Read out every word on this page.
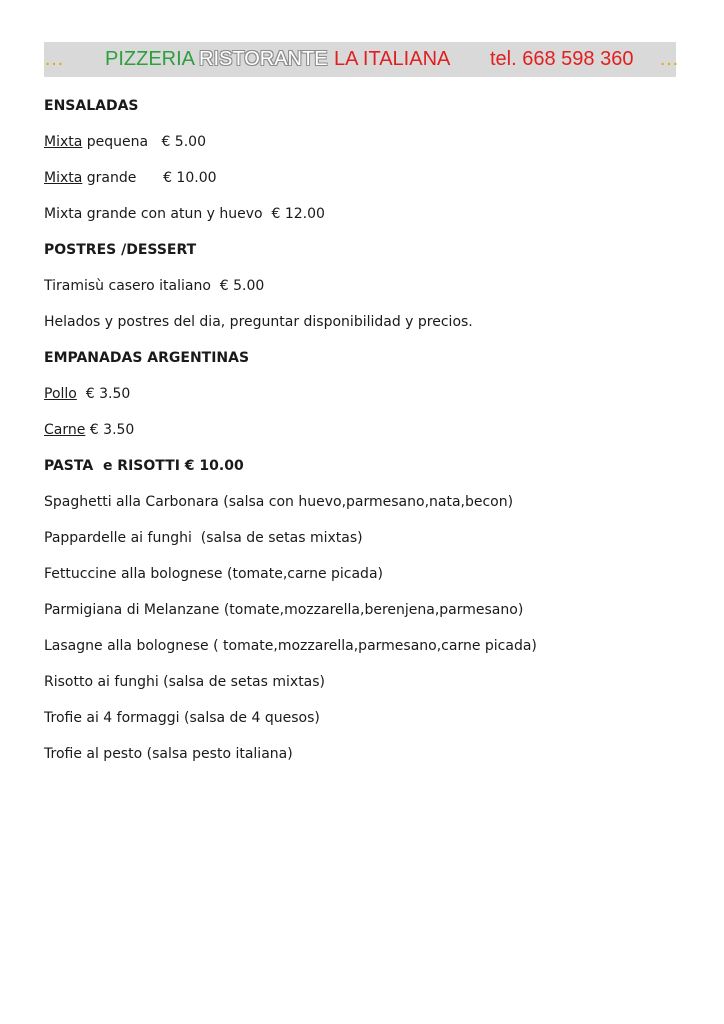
… PIZZERIA RISTORANTE LA ITALIANA tel. 668 598 360 …
ENSALADAS
Mixta pequena   € 5.00
Mixta grande      € 10.00
Mixta grande con atun y huevo  € 12.00
POSTRES /DESSERT
Tiramisù casero italiano  € 5.00
Helados y postres del dia, preguntar disponibilidad y precios.
EMPANADAS ARGENTINAS
Pollo  € 3.50
Carne € 3.50
PASTA  e RISOTTI € 10.00
Spaghetti alla Carbonara (salsa con huevo,parmesano,nata,becon)
Pappardelle ai funghi  (salsa de setas mixtas)
Fettuccine alla bolognese (tomate,carne picada)
Parmigiana di Melanzane (tomate,mozzarella,berenjena,parmesano)
Lasagne alla bolognese ( tomate,mozzarella,parmesano,carne picada)
Risotto ai funghi (salsa de setas mixtas)
Trofie ai 4 formaggi (salsa de 4 quesos)
Trofie al pesto (salsa pesto italiana)
